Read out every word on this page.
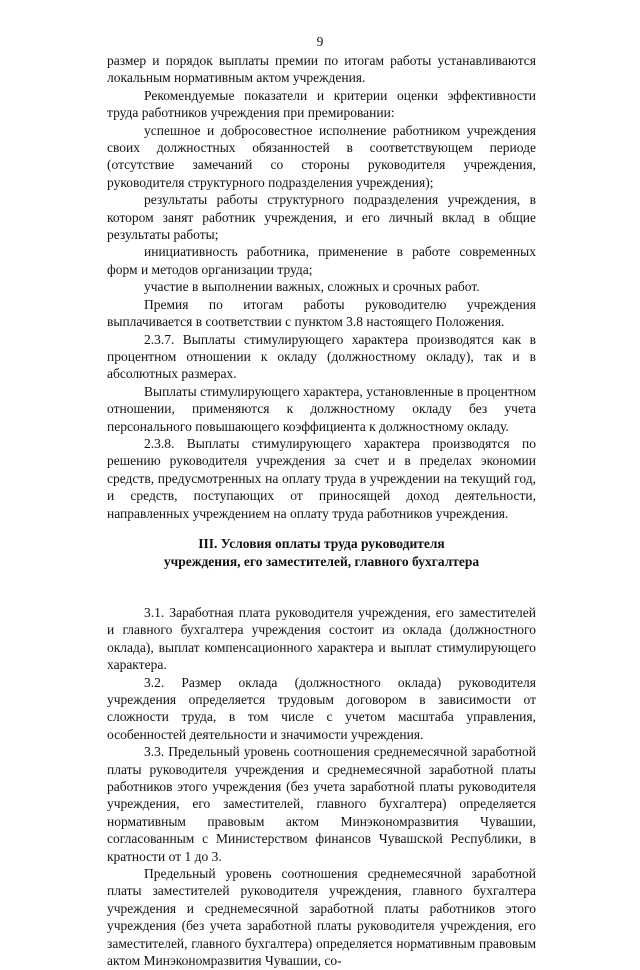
9

размер и порядок выплаты премии по итогам работы устанавливаются локальным нормативным актом учреждения.

Рекомендуемые показатели и критерии оценки эффективности труда работников учреждения при премировании:

успешное и добросовестное исполнение работником учреждения своих должностных обязанностей в соответствующем периоде (отсутствие замечаний со стороны руководителя учреждения, руководителя структурного подразделения учреждения);

результаты работы структурного подразделения учреждения, в котором занят работник учреждения, и его личный вклад в общие результаты работы;

инициативность работника, применение в работе современных форм и методов организации труда;

участие в выполнении важных, сложных и срочных работ.

Премия по итогам работы руководителю учреждения выплачивается в соответствии с пунктом 3.8 настоящего Положения.

2.3.7. Выплаты стимулирующего характера производятся как в процентном отношении к окладу (должностному окладу), так и в абсолютных размерах.

Выплаты стимулирующего характера, установленные в процентном отношении, применяются к должностному окладу без учета персонального повышающего коэффициента к должностному окладу.

2.3.8. Выплаты стимулирующего характера производятся по решению руководителя учреждения за счет и в пределах экономии средств, предусмотренных на оплату труда в учреждении на текущий год, и средств, поступающих от приносящей доход деятельности, направленных учреждением на оплату труда работников учреждения.

III. Условия оплаты труда руководителя
учреждения, его заместителей, главного бухгалтера

3.1. Заработная плата руководителя учреждения, его заместителей и главного бухгалтера учреждения состоит из оклада (должностного оклада), выплат компенсационного характера и выплат стимулирующего характера.

3.2. Размер оклада (должностного оклада) руководителя учреждения определяется трудовым договором в зависимости от сложности труда, в том числе с учетом масштаба управления, особенностей деятельности и значимости учреждения.

3.3. Предельный уровень соотношения среднемесячной заработной платы руководителя учреждения и среднемесячной заработной платы работников этого учреждения (без учета заработной платы руководителя учреждения, его заместителей, главного бухгалтера) определяется нормативным правовым актом Минэкономразвития Чувашии, согласованным с Министерством финансов Чувашской Республики, в кратности от 1 до 3.

Предельный уровень соотношения среднемесячной заработной платы заместителей руководителя учреждения, главного бухгалтера учреждения и среднемесячной заработной платы работников этого учреждения (без учета заработной платы руководителя учреждения, его заместителей, главного бухгалтера) определяется нормативным правовым актом Минэкономразвития Чувашии, со-
